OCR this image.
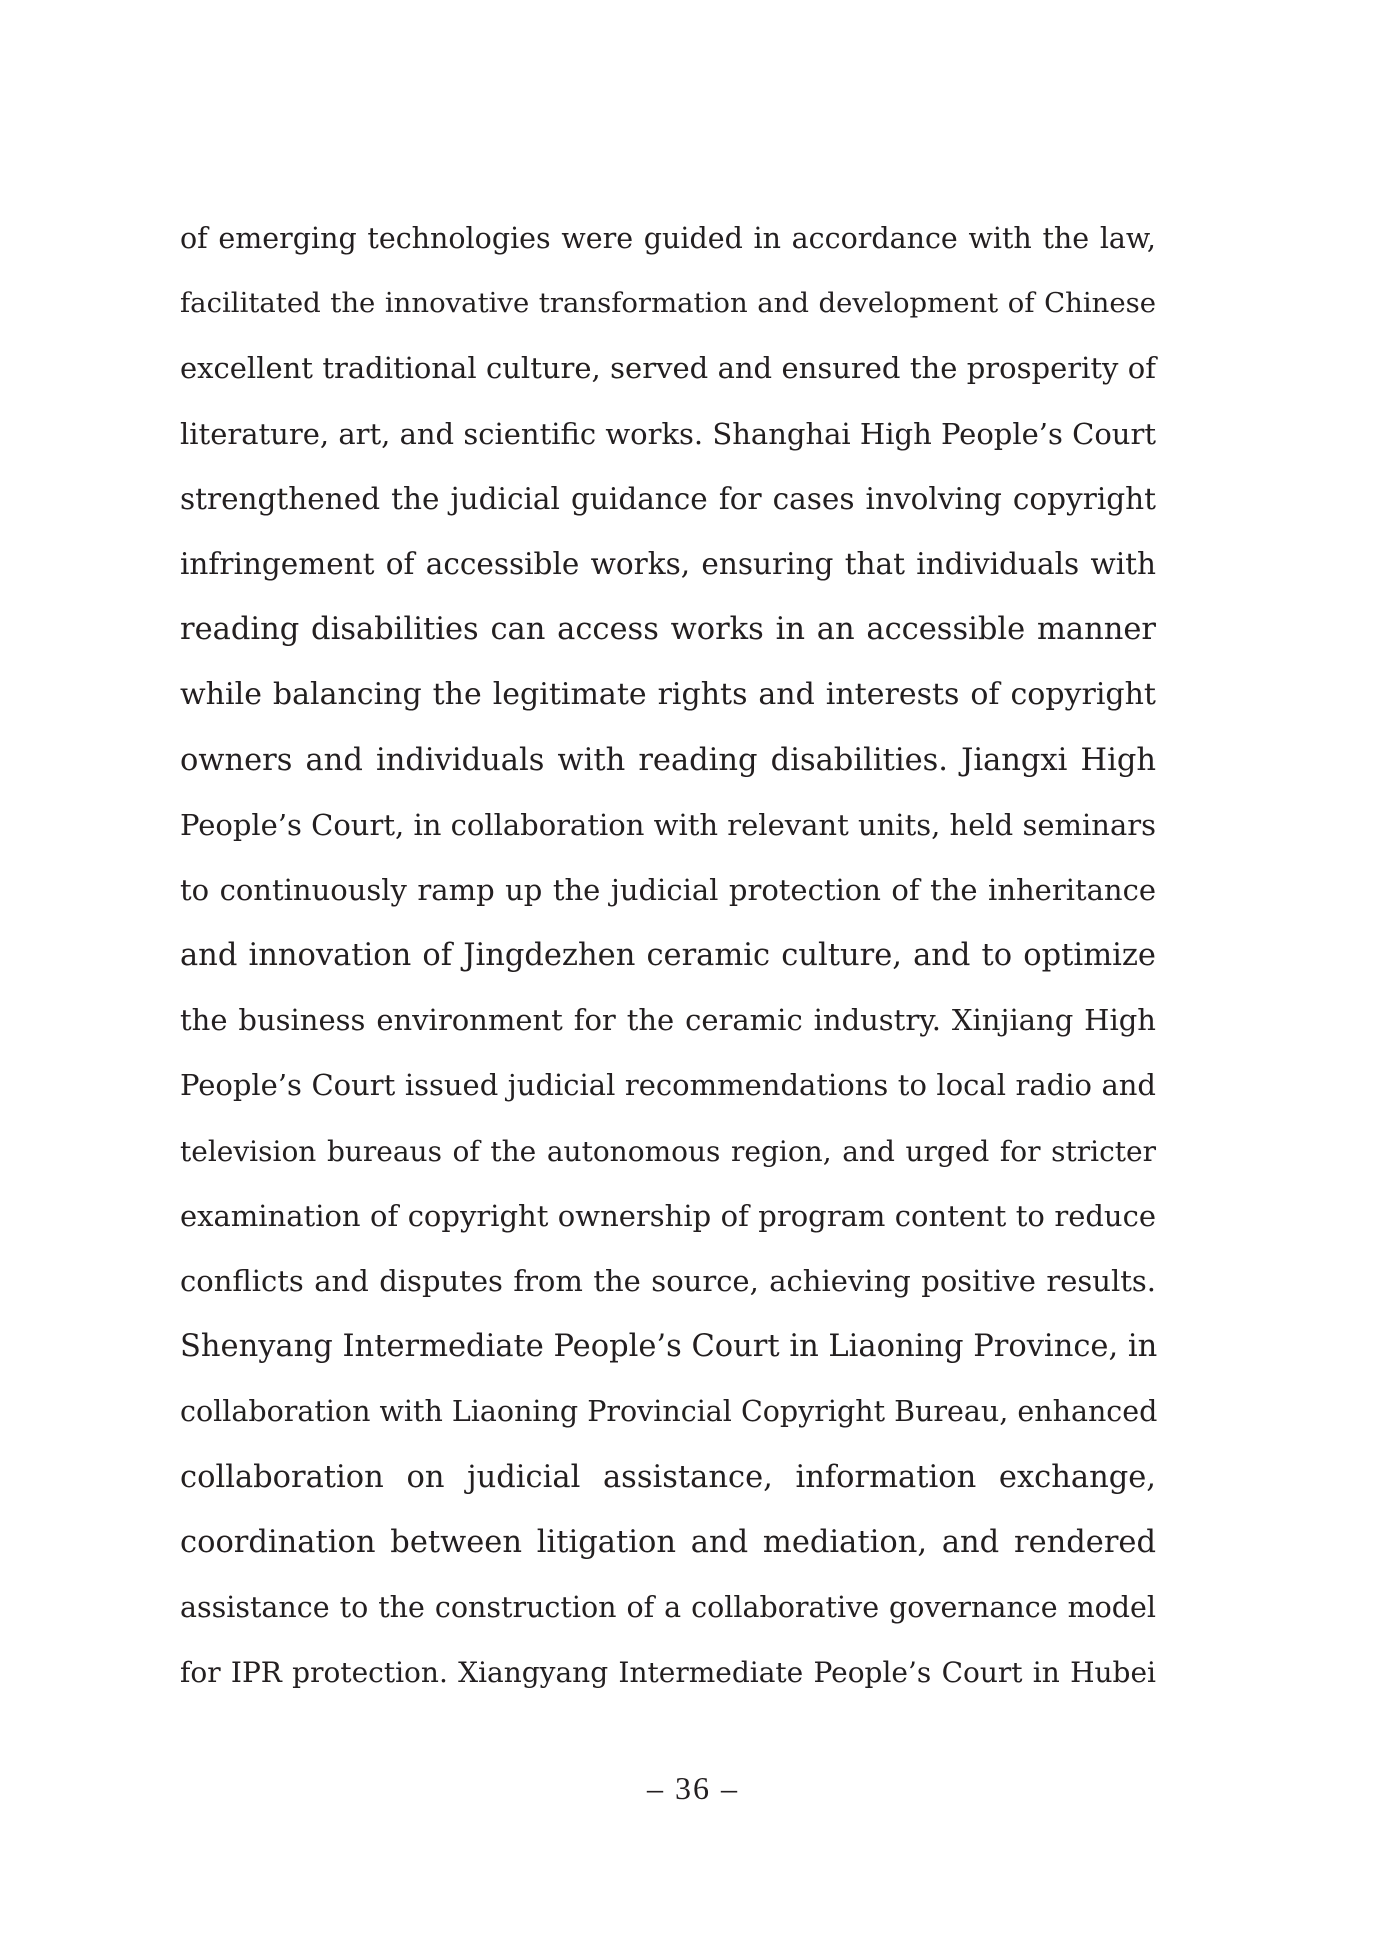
of emerging technologies were guided in accordance with the law,
facilitated the innovative transformation and development of Chinese
excellent traditional culture, served and ensured the prosperity of
literature, art, and scientific works. Shanghai High People’s Court
strengthened the judicial guidance for cases involving copyright
infringement of accessible works, ensuring that individuals with
reading disabilities can access works in an accessible manner
while balancing the legitimate rights and interests of copyright
owners and individuals with reading disabilities. Jiangxi High
People’s Court, in collaboration with relevant units, held seminars
to continuously ramp up the judicial protection of the inheritance
and innovation of Jingdezhen ceramic culture, and to optimize
the business environment for the ceramic industry. Xinjiang High
People’s Court issued judicial recommendations to local radio and
television bureaus of the autonomous region, and urged for stricter
examination of copyright ownership of program content to reduce
conflicts and disputes from the source, achieving positive results.
Shenyang Intermediate People’s Court in Liaoning Province, in
collaboration with Liaoning Provincial Copyright Bureau, enhanced
collaboration on judicial assistance, information exchange,
coordination between litigation and mediation, and rendered
assistance to the construction of a collaborative governance model
for IPR protection. Xiangyang Intermediate People’s Court in Hubei
– 36 –
